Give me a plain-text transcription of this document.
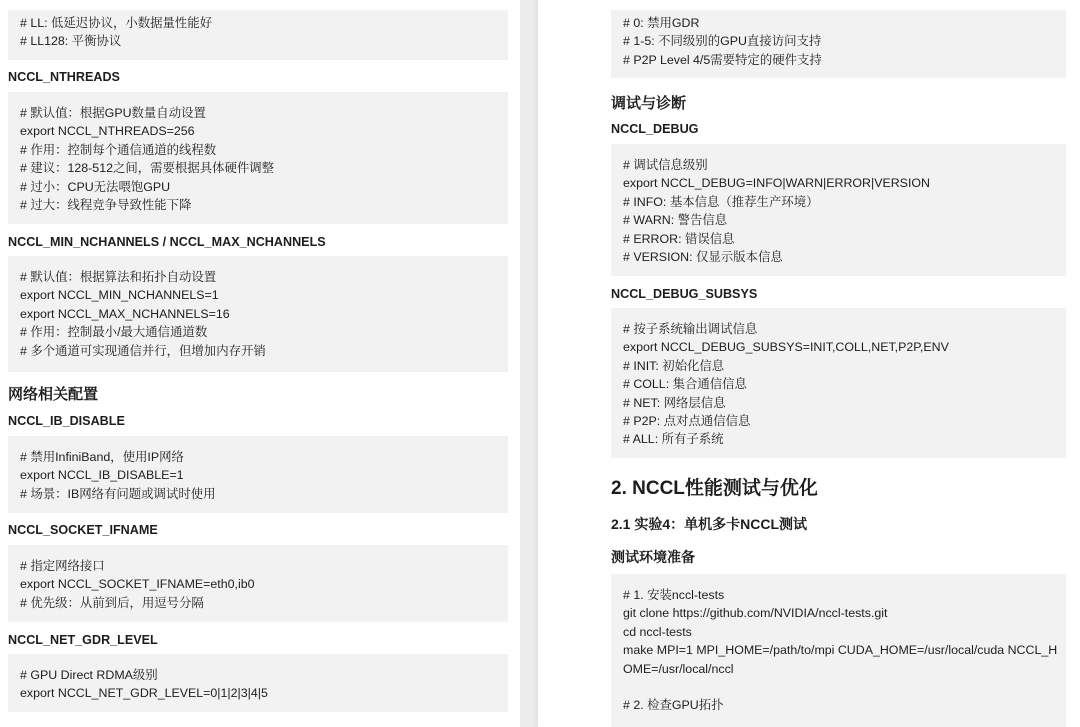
# LL: 低延迟协议，小数据量性能好
# LL128: 平衡协议
NCCL_NTHREADS
# 默认值：根据GPU数量自动设置
export NCCL_NTHREADS=256
# 作用：控制每个通信通道的线程数
# 建议：128-512之间，需要根据具体硬件调整
# 过小：CPU无法喂饱GPU
# 过大：线程竞争导致性能下降
NCCL_MIN_NCHANNELS / NCCL_MAX_NCHANNELS
# 默认值：根据算法和拓扑自动设置
export NCCL_MIN_NCHANNELS=1
export NCCL_MAX_NCHANNELS=16
# 作用：控制最小/最大通信通道数
# 多个通道可实现通信并行，但增加内存开销
网络相关配置
NCCL_IB_DISABLE
# 禁用InfiniBand，使用IP网络
export NCCL_IB_DISABLE=1
# 场景：IB网络有问题或调试时使用
NCCL_SOCKET_IFNAME
# 指定网络接口
export NCCL_SOCKET_IFNAME=eth0,ib0
# 优先级：从前到后，用逗号分隔
NCCL_NET_GDR_LEVEL
# GPU Direct RDMA级别
export NCCL_NET_GDR_LEVEL=0|1|2|3|4|5
# 0: 禁用GDR
# 1-5: 不同级别的GPU直接访问支持
# P2P Level 4/5需要特定的硬件支持
调试与诊断
NCCL_DEBUG
# 调试信息级别
export NCCL_DEBUG=INFO|WARN|ERROR|VERSION
# INFO: 基本信息（推荐生产环境）
# WARN: 警告信息
# ERROR: 错误信息
# VERSION: 仅显示版本信息
NCCL_DEBUG_SUBSYS
# 按子系统输出调试信息
export NCCL_DEBUG_SUBSYS=INIT,COLL,NET,P2P,ENV
# INIT: 初始化信息
# COLL: 集合通信信息
# NET: 网络层信息
# P2P: 点对点通信信息
# ALL: 所有子系统
2. NCCL性能测试与优化
2.1 实验4：单机多卡NCCL测试
测试环境准备
# 1. 安装nccl-tests
git clone https://github.com/NVIDIA/nccl-tests.git
cd nccl-tests
make MPI=1 MPI_HOME=/path/to/mpi CUDA_HOME=/usr/local/cuda NCCL_HOME=/usr/local/nccl
# 2. 检查GPU拓扑
